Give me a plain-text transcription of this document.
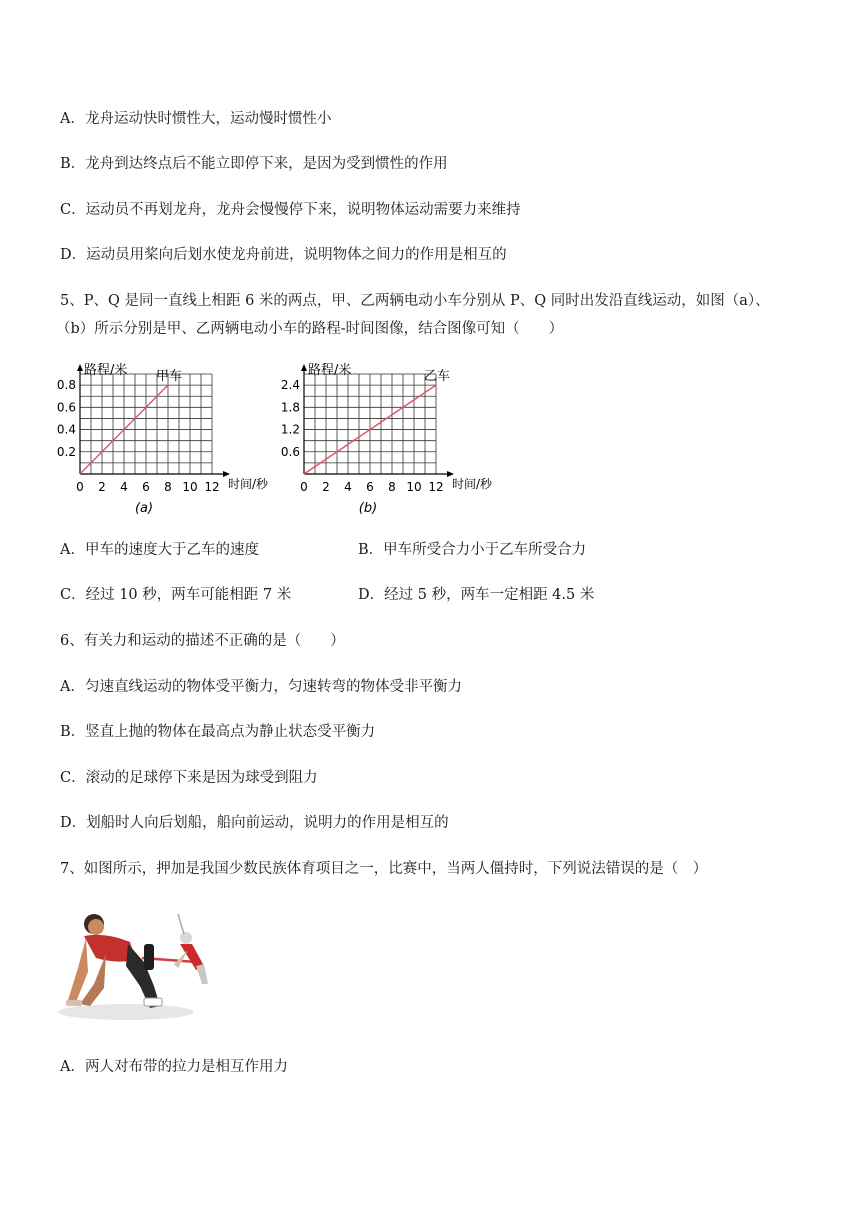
A．龙舟运动快时惯性大，运动慢时惯性小
B．龙舟到达终点后不能立即停下来，是因为受到惯性的作用
C．运动员不再划龙舟，龙舟会慢慢停下来，说明物体运动需要力来维持
D．运动员用桨向后划水使龙舟前进，说明物体之间力的作用是相互的
5、P、Q 是同一直线上相距 6 米的两点，甲、乙两辆电动小车分别从 P、Q 同时出发沿直线运动，如图（a）、
（b）所示分别是甲、乙两辆电动小车的路程-时间图像，结合图像可知（　　）
路程/米
时间/秒
0 2 4 6 8 10 12
0.2
0.4
0.6
0.8
甲车
(a)
路程/米
时间/秒
0 2 4 6 8 10 12
0.6
1.2
1.8
2.4
乙车
(b)
A．甲车的速度大于乙车的速度	B．甲车所受合力小于乙车所受合力
C．经过 10 秒，两车可能相距 7 米	D．经过 5 秒，两车一定相距 4.5 米
6、有关力和运动的描述不正确的是（　　）
A．匀速直线运动的物体受平衡力，匀速转弯的物体受非平衡力
B．竖直上抛的物体在最高点为静止状态受平衡力
C．滚动的足球停下来是因为球受到阻力
D．划船时人向后划船，船向前运动，说明力的作用是相互的
7、如图所示，押加是我国少数民族体育项目之一，比赛中，当两人僵持时，下列说法错误的是（　）
A．两人对布带的拉力是相互作用力
